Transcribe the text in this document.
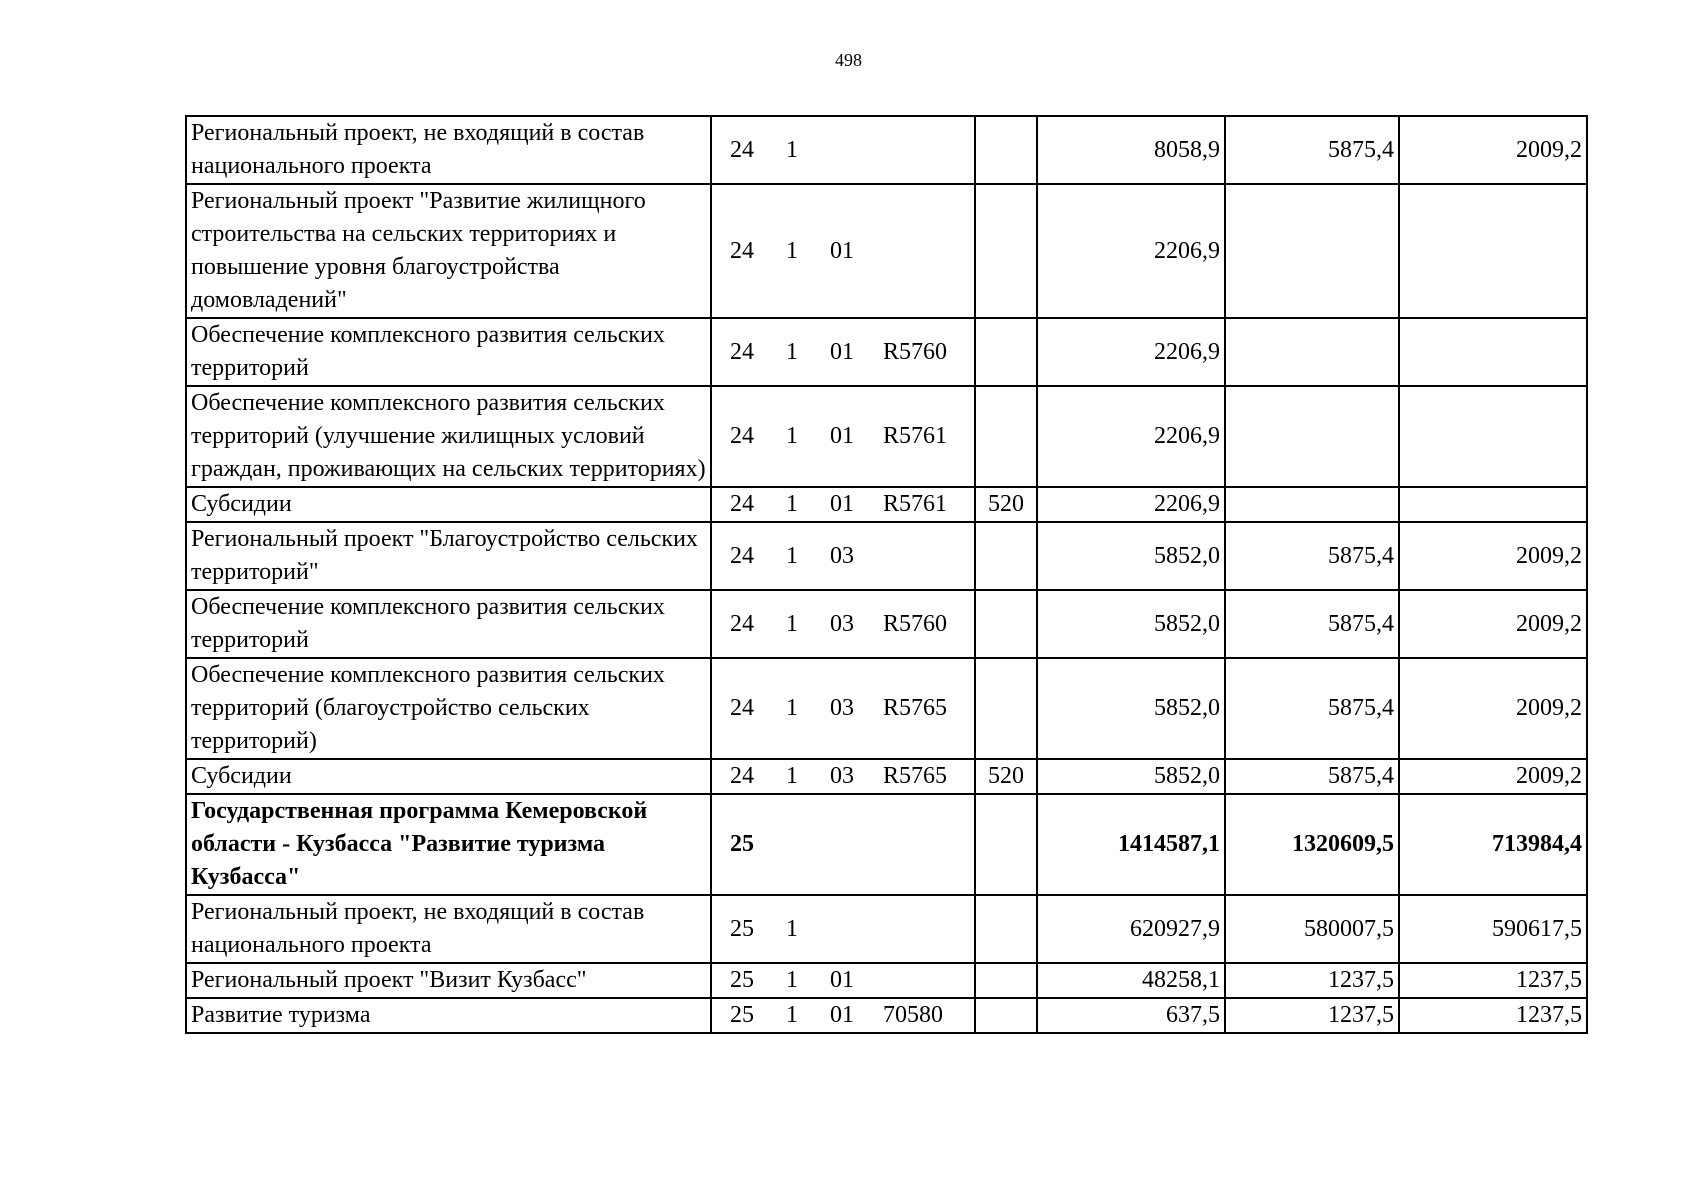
498
Региональный проект, не входящий в состав национального проекта	24 1		8058,9	5875,4	2009,2
Региональный проект "Развитие жилищного строительства на сельских территориях и повышение уровня благоустройства домовладений"	24 1 01		2206,9		
Обеспечение комплексного развития сельских территорий	24 1 01 R5760		2206,9		
Обеспечение комплексного развития сельских территорий (улучшение жилищных условий граждан, проживающих на сельских территориях)	24 1 01 R5761		2206,9		
Субсидии	24 1 01 R5761	520	2206,9		
Региональный проект "Благоустройство сельских территорий"	24 1 03		5852,0	5875,4	2009,2
Обеспечение комплексного развития сельских территорий	24 1 03 R5760		5852,0	5875,4	2009,2
Обеспечение комплексного развития сельских территорий (благоустройство сельских территорий)	24 1 03 R5765		5852,0	5875,4	2009,2
Субсидии	24 1 03 R5765	520	5852,0	5875,4	2009,2
Государственная программа Кемеровской области - Кузбасса "Развитие туризма Кузбасса"	25		1414587,1	1320609,5	713984,4
Региональный проект, не входящий в состав национального проекта	25 1		620927,9	580007,5	590617,5
Региональный проект "Визит Кузбасс"	25 1 01		48258,1	1237,5	1237,5
Развитие туризма	25 1 01 70580		637,5	1237,5	1237,5
